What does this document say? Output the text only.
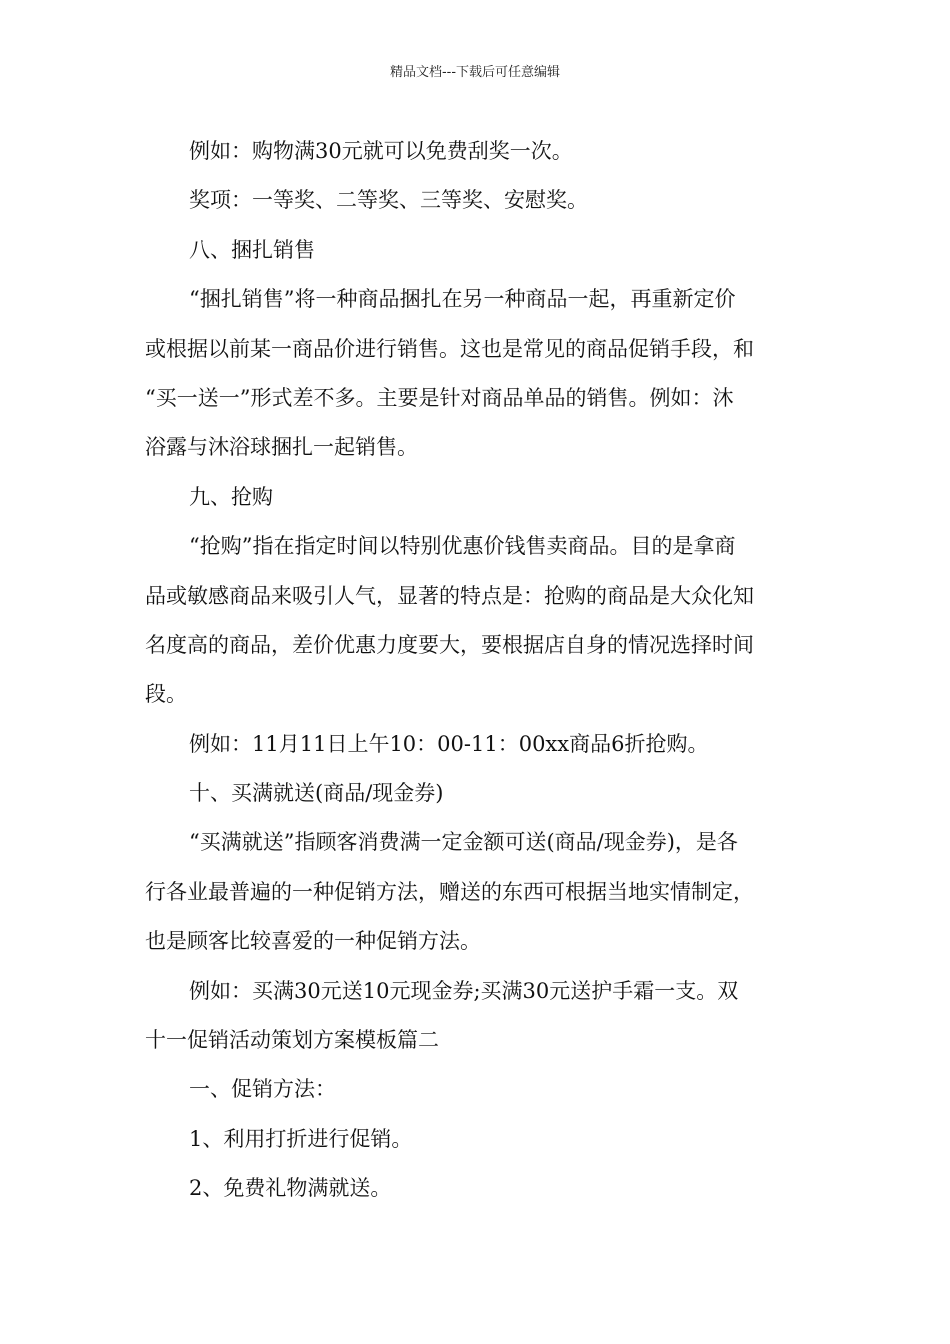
精品文档---下载后可任意编辑
例如：购物满30元就可以免费刮奖一次。
奖项：一等奖、二等奖、三等奖、安慰奖。
八、捆扎销售
“捆扎销售”将一种商品捆扎在另一种商品一起，再重新定价
或根据以前某一商品价进行销售。这也是常见的商品促销手段，和
“买一送一”形式差不多。主要是针对商品单品的销售。例如：沐
浴露与沐浴球捆扎一起销售。
九、抢购
“抢购”指在指定时间以特别优惠价钱售卖商品。目的是拿商
品或敏感商品来吸引人气，显著的特点是：抢购的商品是大众化知
名度高的商品，差价优惠力度要大，要根据店自身的情况选择时间
段。
例如：11月11日上午10：00-11：00xx商品6折抢购。
十、买满就送(商品/现金券)
“买满就送”指顾客消费满一定金额可送(商品/现金券)，是各
行各业最普遍的一种促销方法，赠送的东西可根据当地实情制定，
也是顾客比较喜爱的一种促销方法。
例如：买满30元送10元现金券;买满30元送护手霜一支。双
十一促销活动策划方案模板篇二
一、促销方法：
1、利用打折进行促销。
2、免费礼物满就送。
